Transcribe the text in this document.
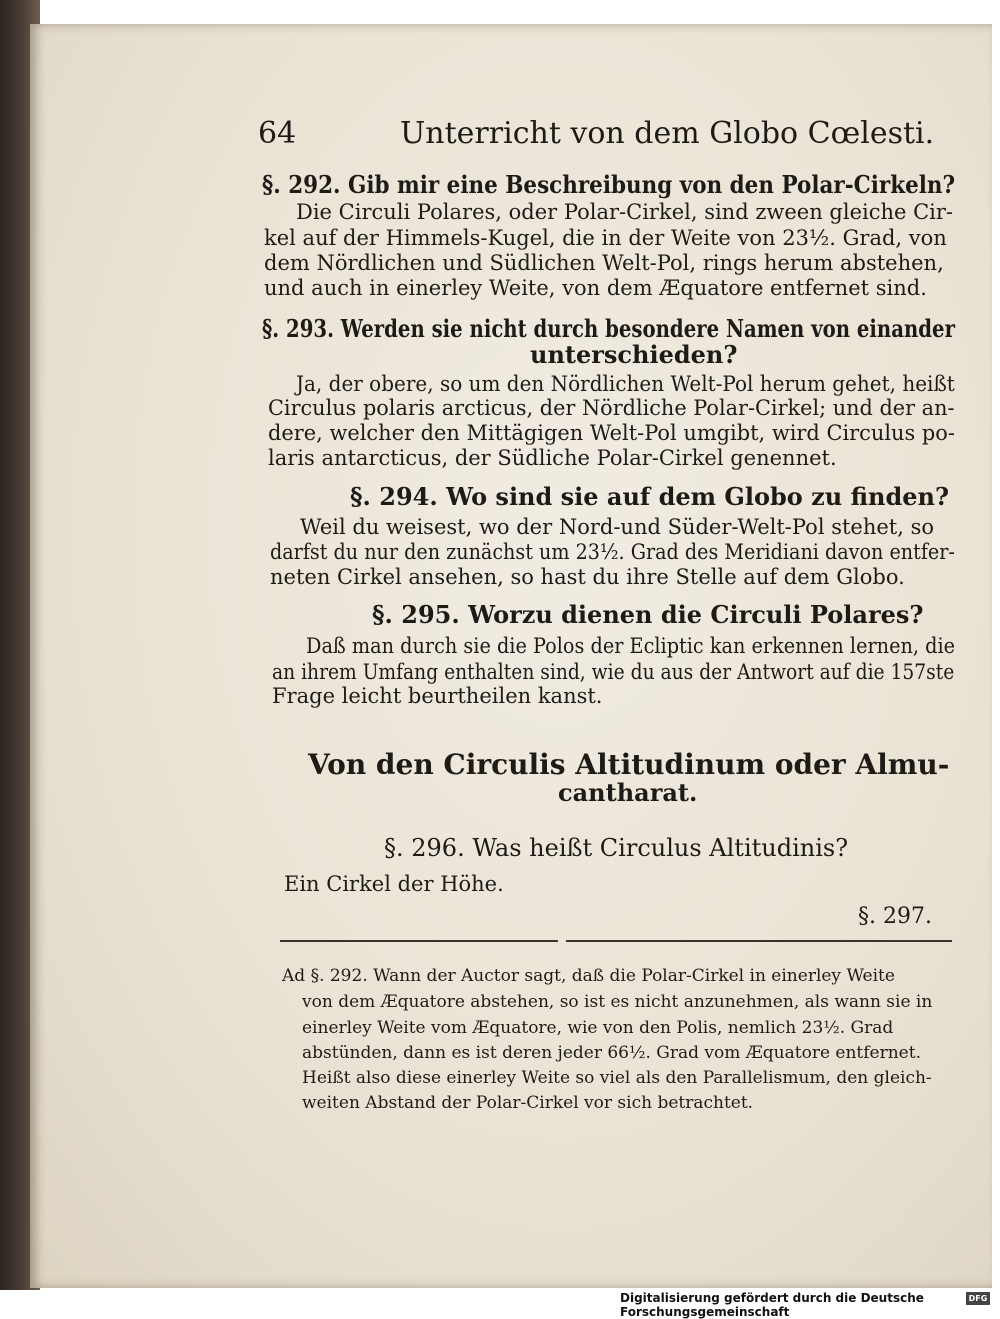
64	Unterricht von dem Globo Cœlesti.
§. 292. Gib mir eine Beschreibung von den Polar-Cirkeln?
Die Circuli Polares, oder Polar-Cirkel, sind zween gleiche Cir-
kel auf der Himmels-Kugel, die in der Weite von 23½. Grad, von
dem Nördlichen und Südlichen Welt-Pol, rings herum abstehen,
und auch in einerley Weite, von dem Æquatore entfernet sind.
§. 293. Werden sie nicht durch besondere Namen von einander
unterschieden?
Ja, der obere, so um den Nördlichen Welt-Pol herum gehet, heißt
Circulus polaris arcticus, der Nördliche Polar-Cirkel; und der an-
dere, welcher den Mittägigen Welt-Pol umgibt, wird Circulus po-
laris antarcticus, der Südliche Polar-Cirkel genennet.
§. 294. Wo sind sie auf dem Globo zu finden?
Weil du weisest, wo der Nord-und Süder-Welt-Pol stehet, so
darfst du nur den zunächst um 23½. Grad des Meridiani davon entfer-
neten Cirkel ansehen, so hast du ihre Stelle auf dem Globo.
§. 295. Worzu dienen die Circuli Polares?
Daß man durch sie die Polos der Ecliptic kan erkennen lernen, die
an ihrem Umfang enthalten sind, wie du aus der Antwort auf die 157ste
Frage leicht beurtheilen kanst.
Von den Circulis Altitudinum oder Almu-
cantharat.
§. 296. Was heißt Circulus Altitudinis?
Ein Cirkel der Höhe.
§. 297.
Ad §. 292. Wann der Auctor sagt, daß die Polar-Cirkel in einerley Weite
von dem Æquatore abstehen, so ist es nicht anzunehmen, als wann sie in
einerley Weite vom Æquatore, wie von den Polis, nemlich 23½. Grad
abstünden, dann es ist deren jeder 66½. Grad vom Æquatore entfernet.
Heißt also diese einerley Weite so viel als den Parallelismum, den gleich-
weiten Abstand der Polar-Cirkel vor sich betrachtet.
Digitalisierung gefördert durch die Deutsche Forschungsgemeinschaft
DFG
